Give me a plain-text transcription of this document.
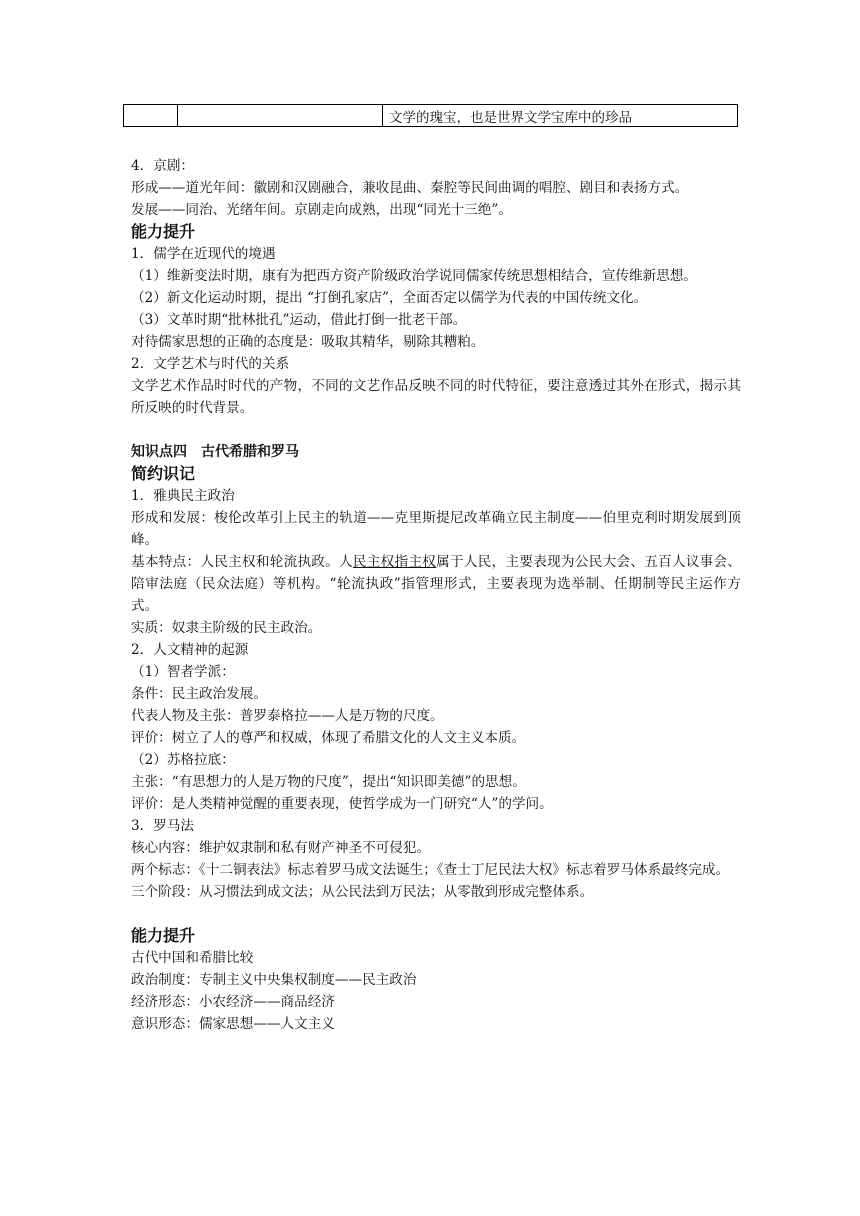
		文学的瑰宝，也是世界文学宝库中的珍品

4．京剧：

形成——道光年间：徽剧和汉剧融合，兼收昆曲、秦腔等民间曲调的唱腔、剧目和表扬方式。

发展——同治、光绪年间。京剧走向成熟，出现“同光十三绝”。

能力提升

1．儒学在近现代的境遇

（1）维新变法时期，康有为把西方资产阶级政治学说同儒家传统思想相结合，宣传维新思想。

（2）新文化运动时期，提出 “打倒孔家店”，全面否定以儒学为代表的中国传统文化。

（3）文革时期“批林批孔”运动，借此打倒一批老干部。

对待儒家思想的正确的态度是：吸取其精华，剔除其糟粕。

2．文学艺术与时代的关系

文学艺术作品时时代的产物，不同的文艺作品反映不同的时代特征，要注意透过其外在形式，揭示其所反映的时代背景。

知识点四　古代希腊和罗马

简约识记

1．雅典民主政治

形成和发展：梭伦改革引上民主的轨道——克里斯提尼改革确立民主制度——伯里克利时期发展到顶峰。

基本特点：人民主权和轮流执政。人民主权指主权属于人民，主要表现为公民大会、五百人议事会、陪审法庭（民众法庭）等机构。“轮流执政”指管理形式，主要表现为选举制、任期制等民主运作方式。

实质：奴隶主阶级的民主政治。

2．人文精神的起源

（1）智者学派：

条件：民主政治发展。

代表人物及主张：普罗泰格拉——人是万物的尺度。

评价：树立了人的尊严和权威，体现了希腊文化的人文主义本质。

（2）苏格拉底：

主张：“有思想力的人是万物的尺度”，提出“知识即美德”的思想。

评价：是人类精神觉醒的重要表现，使哲学成为一门研究“人”的学问。

3．罗马法

核心内容：维护奴隶制和私有财产神圣不可侵犯。

两个标志：《十二铜表法》标志着罗马成文法诞生；《查士丁尼民法大权》标志着罗马体系最终完成。

三个阶段：从习惯法到成文法；从公民法到万民法；从零散到形成完整体系。

能力提升

古代中国和希腊比较

政治制度：专制主义中央集权制度——民主政治

经济形态：小农经济——商品经济

意识形态：儒家思想——人文主义
